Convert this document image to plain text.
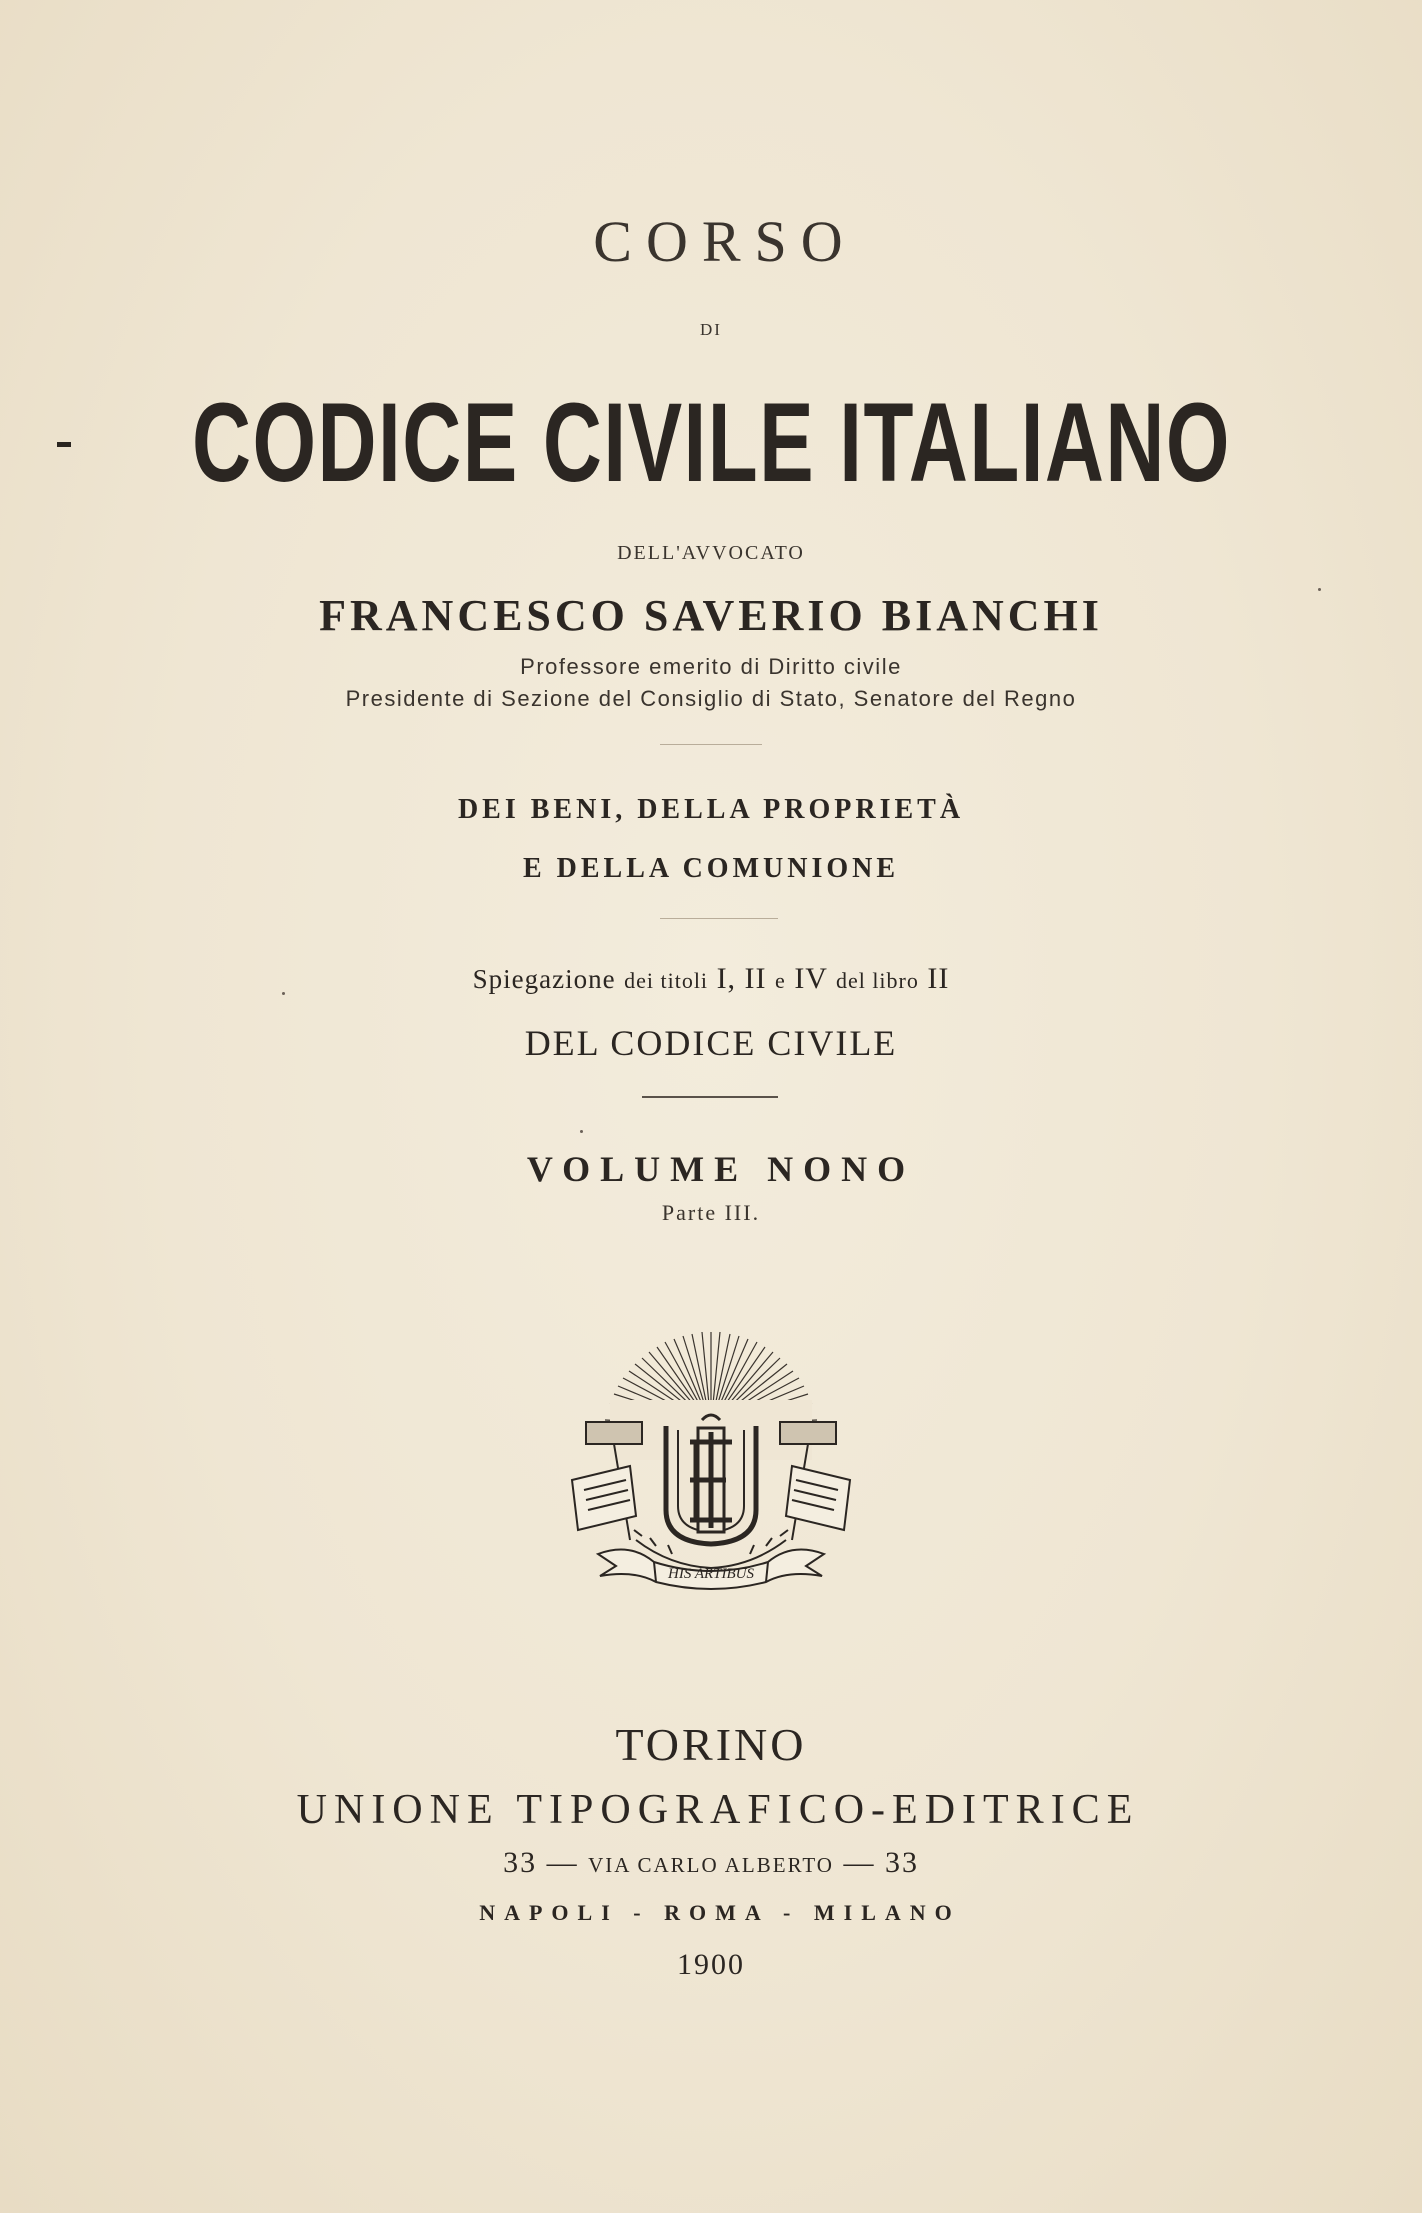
CORSO
DI
CODICE CIVILE ITALIANO
DELL'AVVOCATO
FRANCESCO SAVERIO BIANCHI
Professore emerito di Diritto civile
Presidente di Sezione del Consiglio di Stato, Senatore del Regno
DEI BENI, DELLA PROPRIETÀ
E DELLA COMUNIONE
Spiegazione dei titoli I, II e IV del libro II
DEL CODICE CIVILE
VOLUME NONO
Parte III.
HIS ARTIBUS
TORINO
UNIONE TIPOGRAFICO-EDITRICE
33 — VIA CARLO ALBERTO — 33
NAPOLI - ROMA - MILANO
1900
